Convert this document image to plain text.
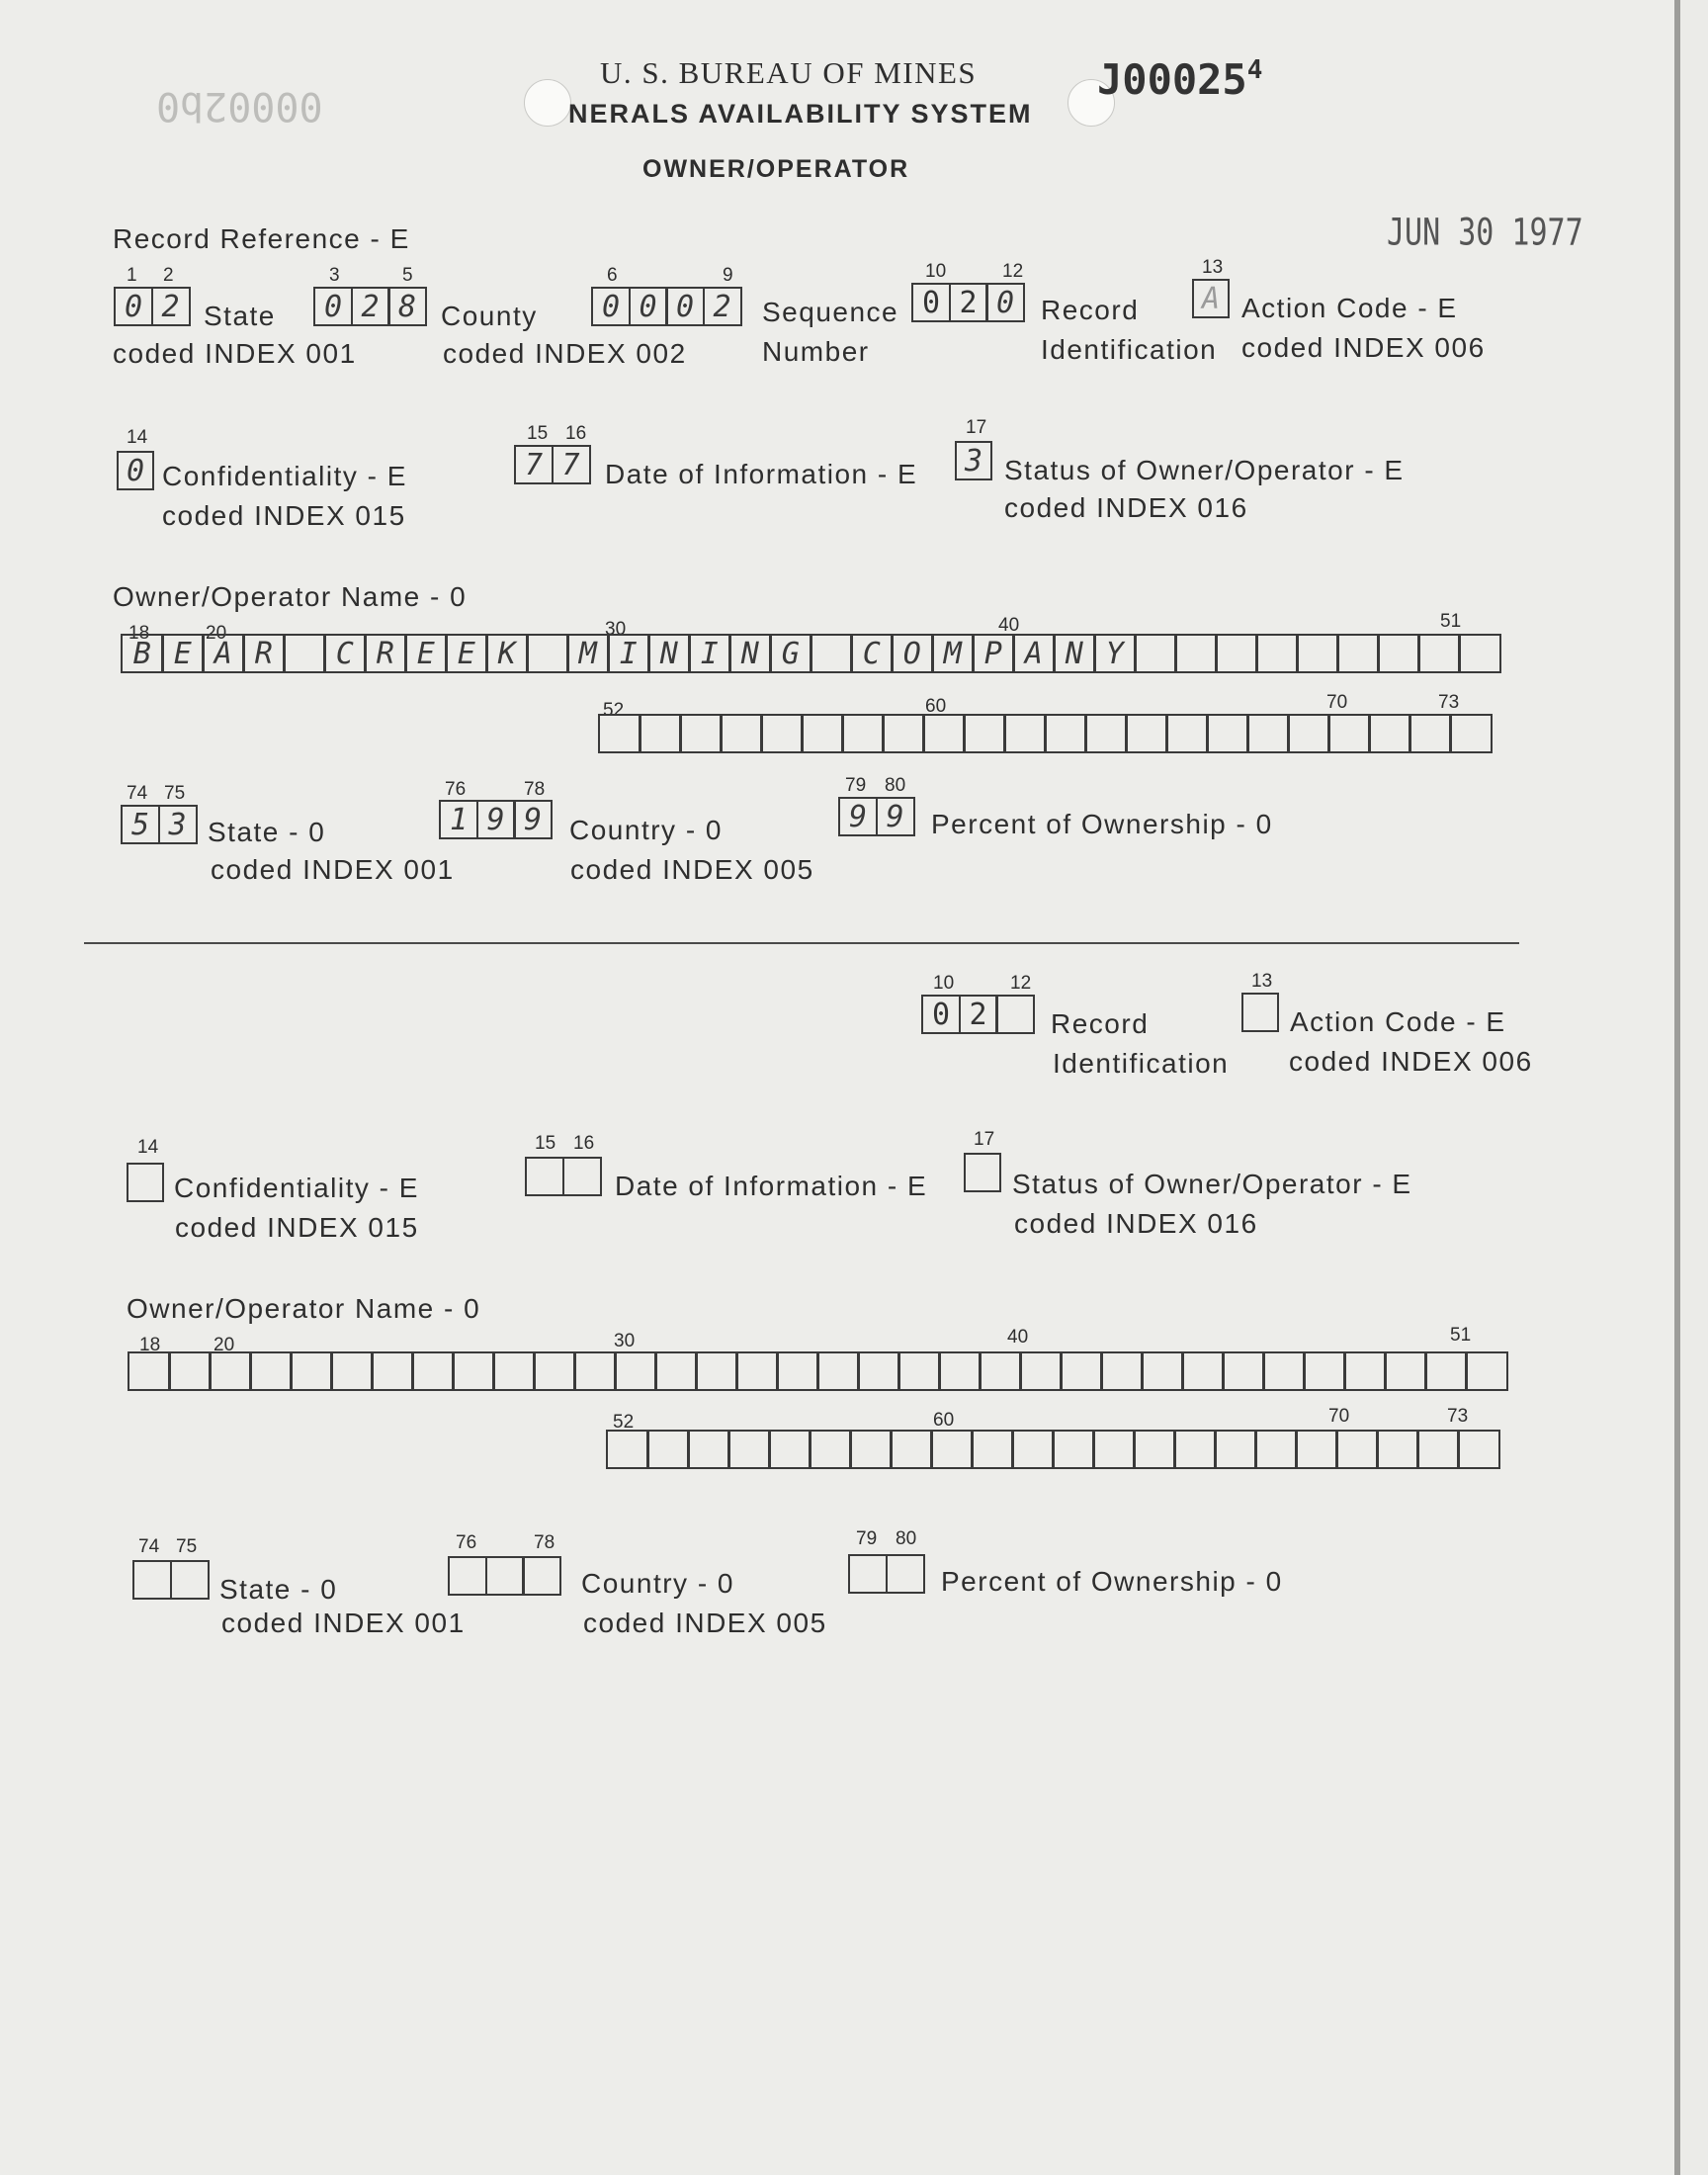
U. S. BUREAU OF MINES
NERALS AVAILABILITY SYSTEM
OWNER/OPERATOR
J00025$^4$
00002b0
JUN 30 1977
Record Reference - E
1 2
0 2 State
coded INDEX 001
3	5
0 2 8 County
coded INDEX 002
6	9
0 0 0 2	Sequence
Number
10	12
0 2 0 Record
Identification
13
A Action Code - E
coded INDEX 006
14
0 Confidentiality - E
coded INDEX 015
15 16
7 7 Date of Information - E
17
3 Status of Owner/Operator - E
coded INDEX 016
Owner/Operator Name - 0
18	20	30	40	51
B E A R	C R E E K	M I N I N G	C O M P A N Y
52	60	70	73
74 75
5 3 State - 0
coded INDEX 001
76	78
1 9 9 Country - 0
coded INDEX 005
79 80
9 9 Percent of Ownership - 0
10	12
0 2	Record
Identification
13
Action Code - E
coded INDEX 006
14
Confidentiality - E
coded INDEX 015
15 16
Date of Information - E
17
Status of Owner/Operator - E
coded INDEX 016
Owner/Operator Name - 0
18	20	30	40	51
52	60	70	73
74 75
State - 0
coded INDEX 001
76	78
Country - 0
coded INDEX 005
79 80
Percent of Ownership - 0
